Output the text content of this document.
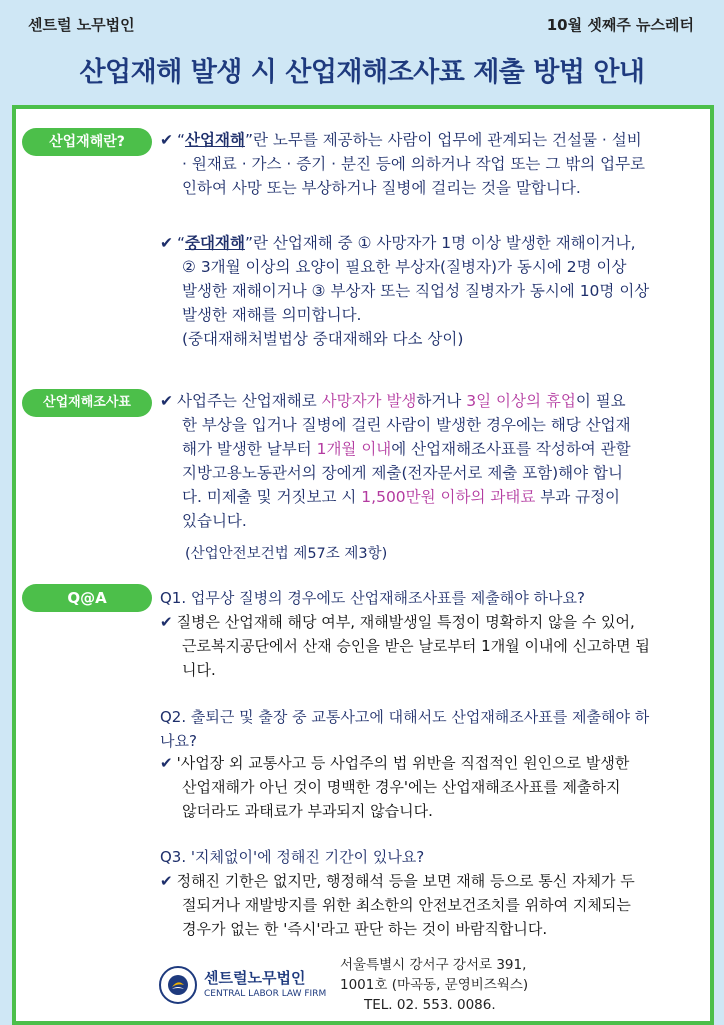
센트럴 노무법인	10월 셋째주 뉴스레터
산업재해 발생 시 산업재해조사표 제출 방법 안내
산업재해란?	✔ “산업재해”란 노무를 제공하는 사람이 업무에 관계되는 건설물 · 설비
· 원재료 · 가스 · 증기 · 분진 등에 의하거나 작업 또는 그 밖의 업무로
인하여 사망 또는 부상하거나 질병에 걸리는 것을 말합니다.
✔ “중대재해”란 산업재해 중 ① 사망자가 1명 이상 발생한 재해이거나,
② 3개월 이상의 요양이 필요한 부상자(질병자)가 동시에 2명 이상
발생한 재해이거나 ③ 부상자 또는 직업성 질병자가 동시에 10명 이상
발생한 재해를 의미합니다.
(중대재해처벌법상 중대재해와 다소 상이)
산업재해조사표	✔ 사업주는 산업재해로 사망자가 발생하거나 3일 이상의 휴업이 필요
한 부상을 입거나 질병에 걸린 사람이 발생한 경우에는 해당 산업재
해가 발생한 날부터 1개월 이내에 산업재해조사표를 작성하여 관할
지방고용노동관서의 장에게 제출(전자문서로 제출 포함)해야 합니
다. 미제출 및 거짓보고 시 1,500만원 이하의 과태료 부과 규정이
있습니다.
(산업안전보건법 제57조 제3항)
Q@A	Q1. 업무상 질병의 경우에도 산업재해조사표를 제출해야 하나요?
✔ 질병은 산업재해 해당 여부, 재해발생일 특정이 명확하지 않을 수 있어,
근로복지공단에서 산재 승인을 받은 날로부터 1개월 이내에 신고하면 됩
니다.
Q2. 출퇴근 및 출장 중 교통사고에 대해서도 산업재해조사표를 제출해야 하
나요?
✔ '사업장 외 교통사고 등 사업주의 법 위반을 직접적인 원인으로 발생한
산업재해가 아닌 것이 명백한 경우'에는 산업재해조사표를 제출하지
않더라도 과태료가 부과되지 않습니다.
Q3. '지체없이'에 정해진 기간이 있나요?
✔ 정해진 기한은 없지만, 행정해석 등을 보면 재해 등으로 통신 자체가 두
절되거나 재발방지를 위한 최소한의 안전보건조치를 위하여 지체되는
경우가 없는 한 '즉시'라고 판단 하는 것이 바람직합니다.
센트럴노무법인
CENTRAL LABOR LAW FIRM
서울특별시 강서구 강서로 391,
1001호 (마곡동, 문영비즈웍스)
TEL. 02. 553. 0086.
